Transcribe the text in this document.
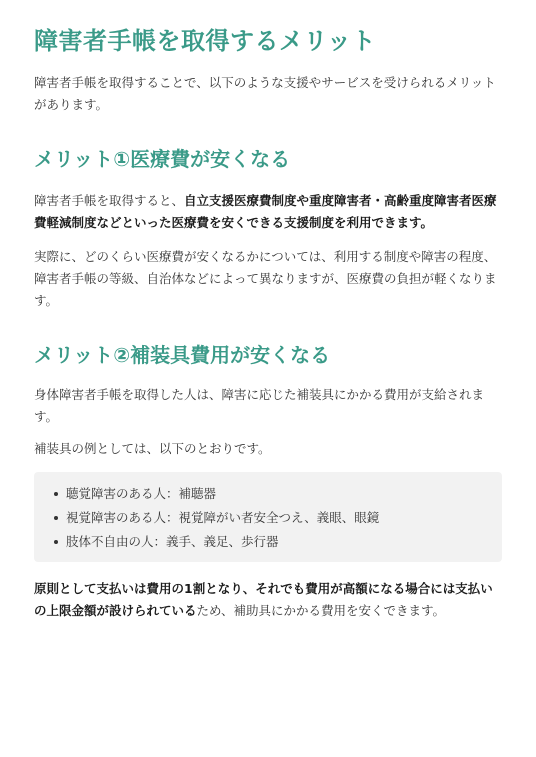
障害者手帳を取得するメリット

障害者手帳を取得することで、以下のような支援やサービスを受けられるメリットがあります。

メリット①医療費が安くなる

障害者手帳を取得すると、自立支援医療費制度や重度障害者・高齢重度障害者医療費軽減制度などといった医療費を安くできる支援制度を利用できます。

実際に、どのくらい医療費が安くなるかについては、利用する制度や障害の程度、障害者手帳の等級、自治体などによって異なりますが、医療費の負担が軽くなります。

メリット②補装具費用が安くなる

身体障害者手帳を取得した人は、障害に応じた補装具にかかる費用が支給されます。

補装具の例としては、以下のとおりです。

聴覚障害のある人：補聴器
視覚障害のある人：視覚障がい者安全つえ、義眼、眼鏡
肢体不自由の人：義手、義足、歩行器

原則として支払いは費用の1割となり、それでも費用が高額になる場合には支払いの上限金額が設けられているため、補助具にかかる費用を安くできます。
